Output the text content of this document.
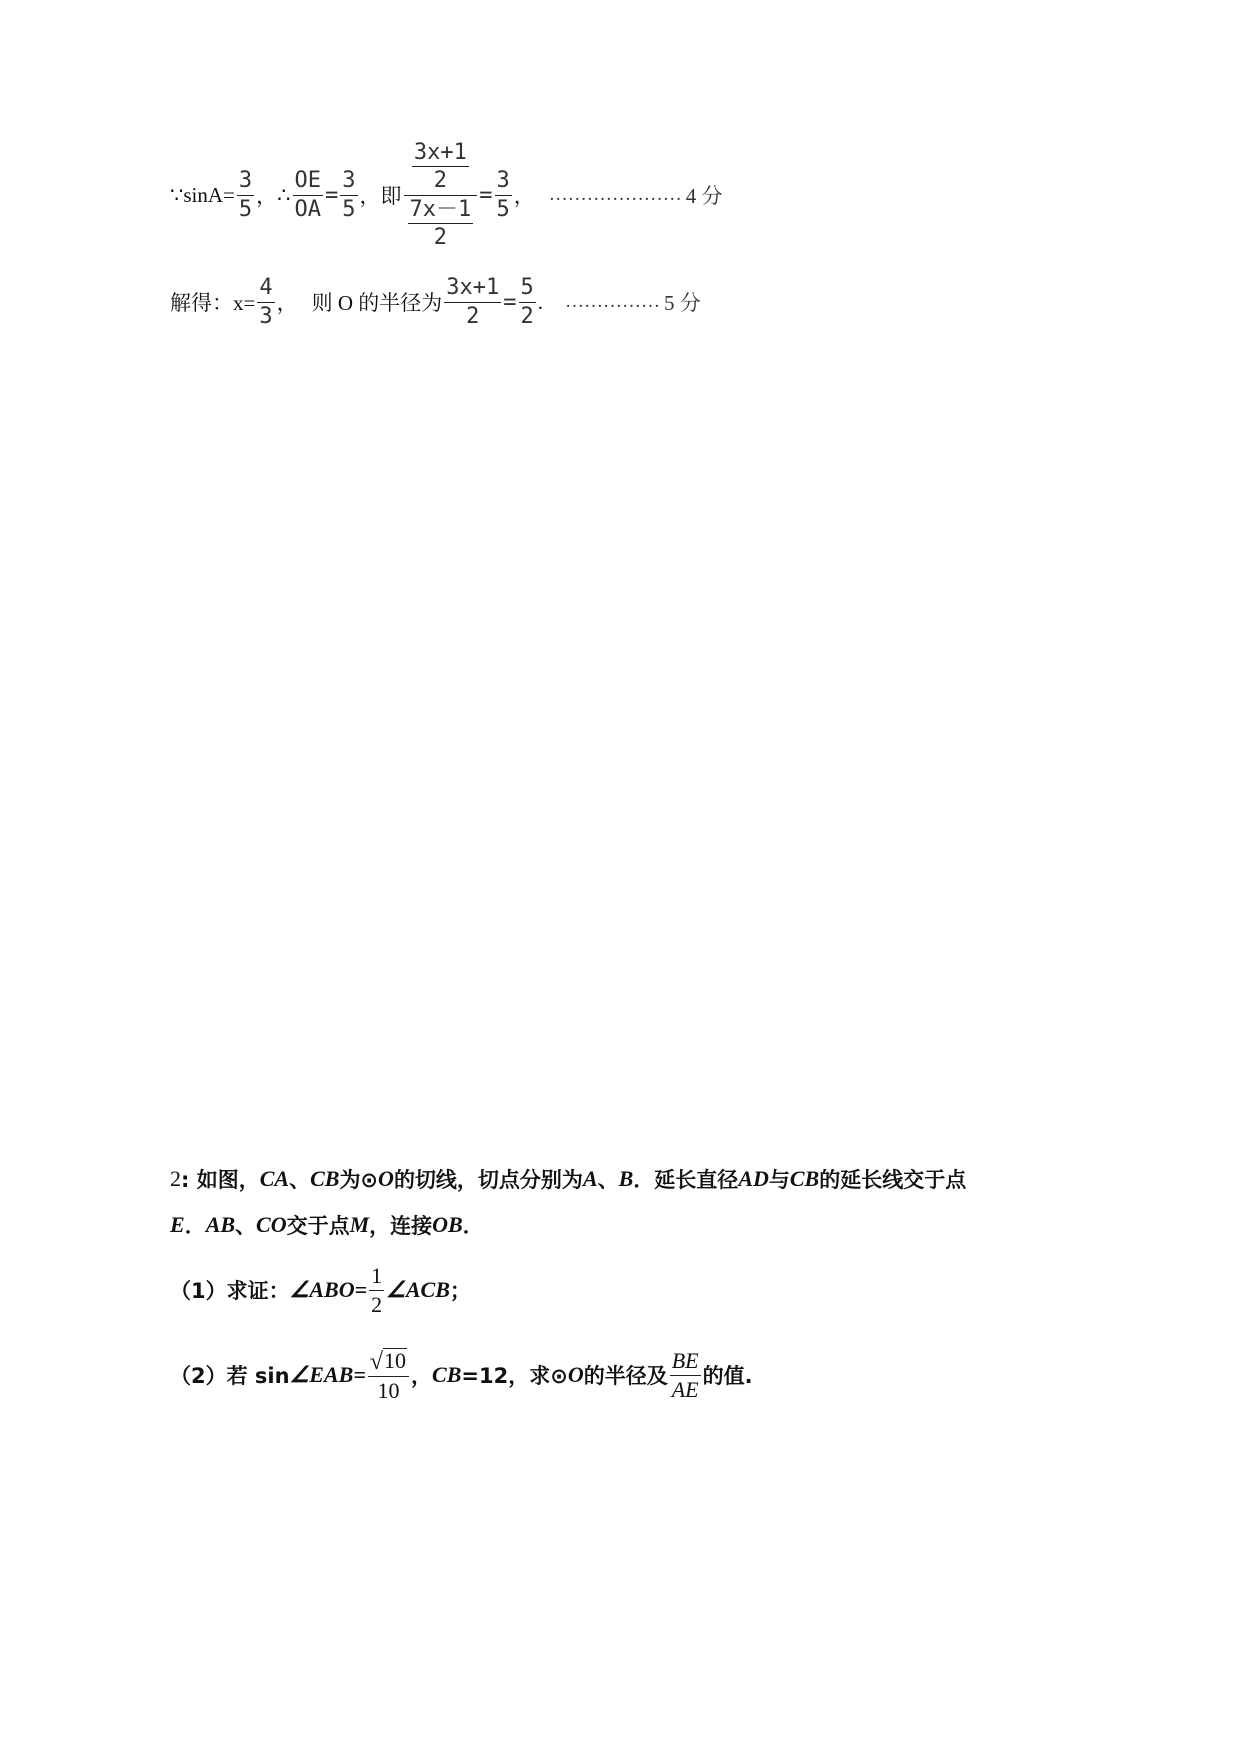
∵sinA= $\frac{3}{5}$ ， ∴ $\frac{OE}{OA} = \frac{3}{5}$ ， 即 $\frac{\frac{3x+1}{2}}{\frac{7x-1}{2}} = \frac{3}{5}$ ， ………………… 4 分
解得：$x= \frac{4}{3}$ ， 则 O 的半径为 $\frac{3x+1}{2} = \frac{5}{2}$ . …………… 5 分
2 : 如图， CA 、 CB 为⊙ O 的切线，切点分别为 A 、 B ．延长直径 AD 与 CB 的延长线交于点
E ． AB 、 CO 交于点 M ，连接 OB ．
（1）求证： ∠ABO= $\frac{1}{2}$ ∠ACB ；
（2）若 sin ∠EAB= $\frac{√ 10}{10}$ ， CB =12，求⊙ O 的半径及 $\frac{BE}{AE}$ 的值.
